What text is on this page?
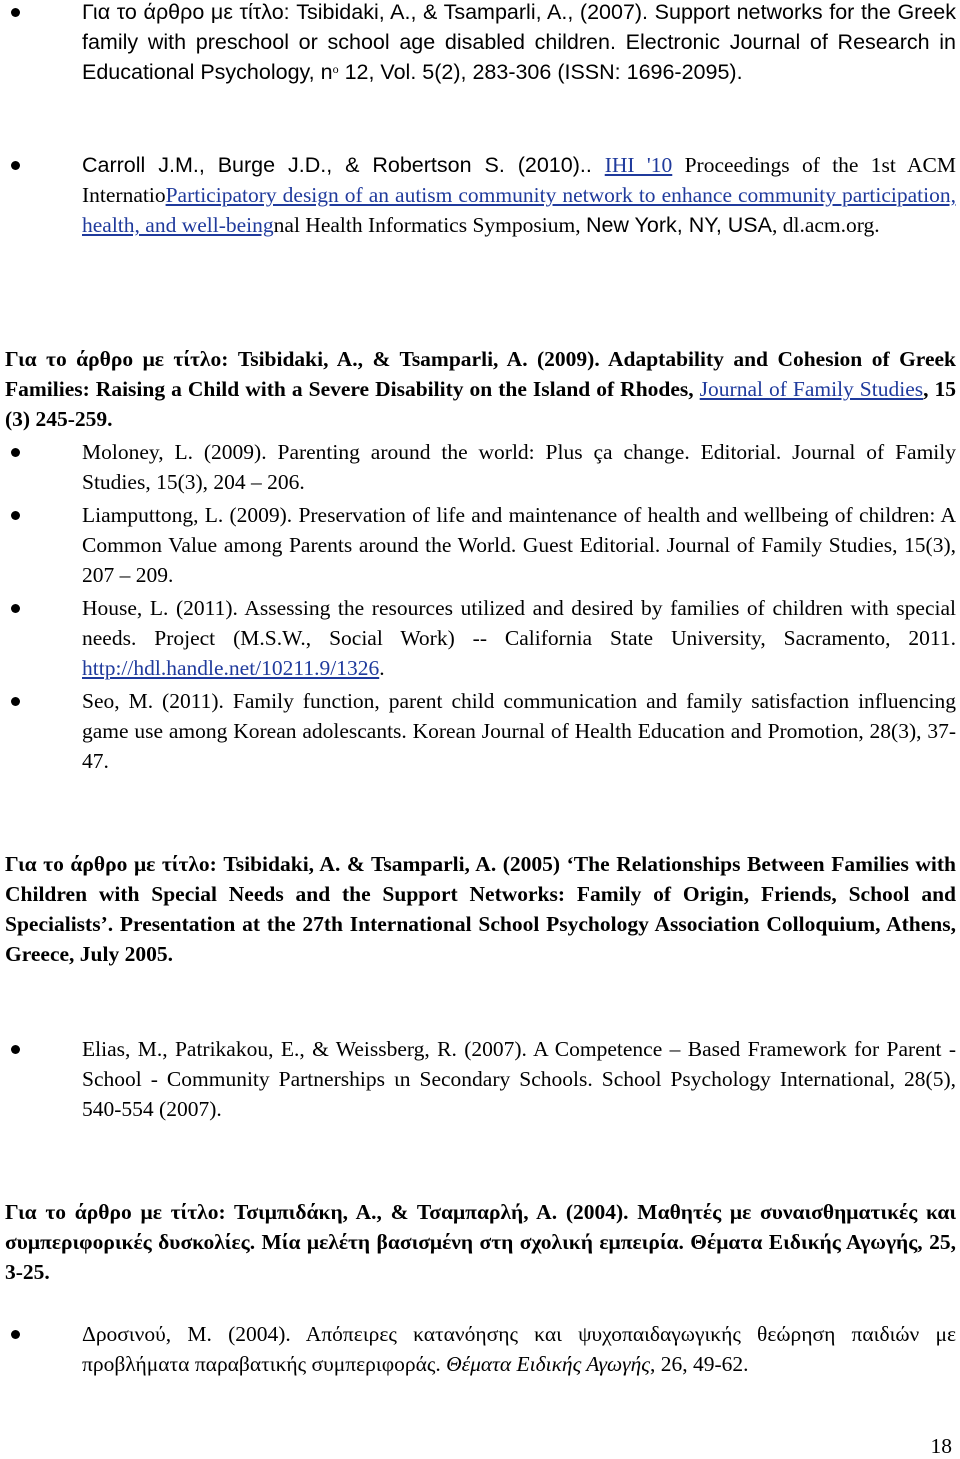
Για το άρθρο με τίτλο: Tsibidaki, A., & Tsamparli, A., (2007). Support networks for the Greek family with preschool or school age disabled children. Electronic Journal of Research in Educational Psychology, $n^o$ 12, Vol. 5(2), 283-306 (ISSN: 1696-2095).
Carroll J.M., Burge J.D., & Robertson S. (2010).. IHI '10 Proceedings of the 1st ACM InternatioParticipatory design of an autism community network to enhance community participation, health, and well-beingnal Health Informatics Symposium, New York, NY, USA, dl.acm.org.
Για το άρθρο με τίτλο: Tsibidaki, A., & Tsamparli, A. (2009). Adaptability and Cohesion of Greek Families: Raising a Child with a Severe Disability on the Island of Rhodes, Journal of Family Studies, 15 (3) 245-259.
Moloney, L. (2009). Parenting around the world: Plus ça change. Editorial. Journal of Family Studies, 15(3), 204 – 206.
Liamputtong, L. (2009). Preservation of life and maintenance of health and wellbeing of children: A Common Value among Parents around the World. Guest Editorial. Journal of Family Studies, 15(3), 207 – 209.
House, L. (2011). Assessing the resources utilized and desired by families of children with special needs. Project (M.S.W., Social Work) -- California State University, Sacramento, 2011. http://hdl.handle.net/10211.9/1326.
Seo, M. (2011). Family function, parent child communication and family satisfaction influencing game use among Korean adolescants. Korean Journal of Health Education and Promotion, 28(3), 37-47.
Για το άρθρο με τίτλο: Tsibidaki, A. & Tsamparli, A. (2005) ‘The Relationships Between Families with Children with Special Needs and the Support Networks: Family of Origin, Friends, School and Specialists’. Presentation at the 27th International School Psychology Association Colloquium, Athens, Greece, July 2005.
Elias, M., Patrikakou, E., & Weissberg, R. (2007). A Competence – Based Framework for Parent - School - Community Partnerships ιn Secondary Schools. School Psychology International, 28(5), 540-554 (2007).
Για το άρθρο με τίτλο: Τσιμπιδάκη, Α., & Τσαμπαρλή, Α. (2004). Μαθητές με συναισθηματικές και συμπεριφορικές δυσκολίες. Μία μελέτη βασισμένη στη σχολική εμπειρία. Θέματα Ειδικής Αγωγής, 25, 3-25.
Δροσινού, Μ. (2004). Απόπειρες κατανόησης και ψυχοπαιδαγωγικής θεώρηση παιδιών με προβλήματα παραβατικής συμπεριφοράς. Θέματα Ειδικής Αγωγής, 26, 49-62.
18
